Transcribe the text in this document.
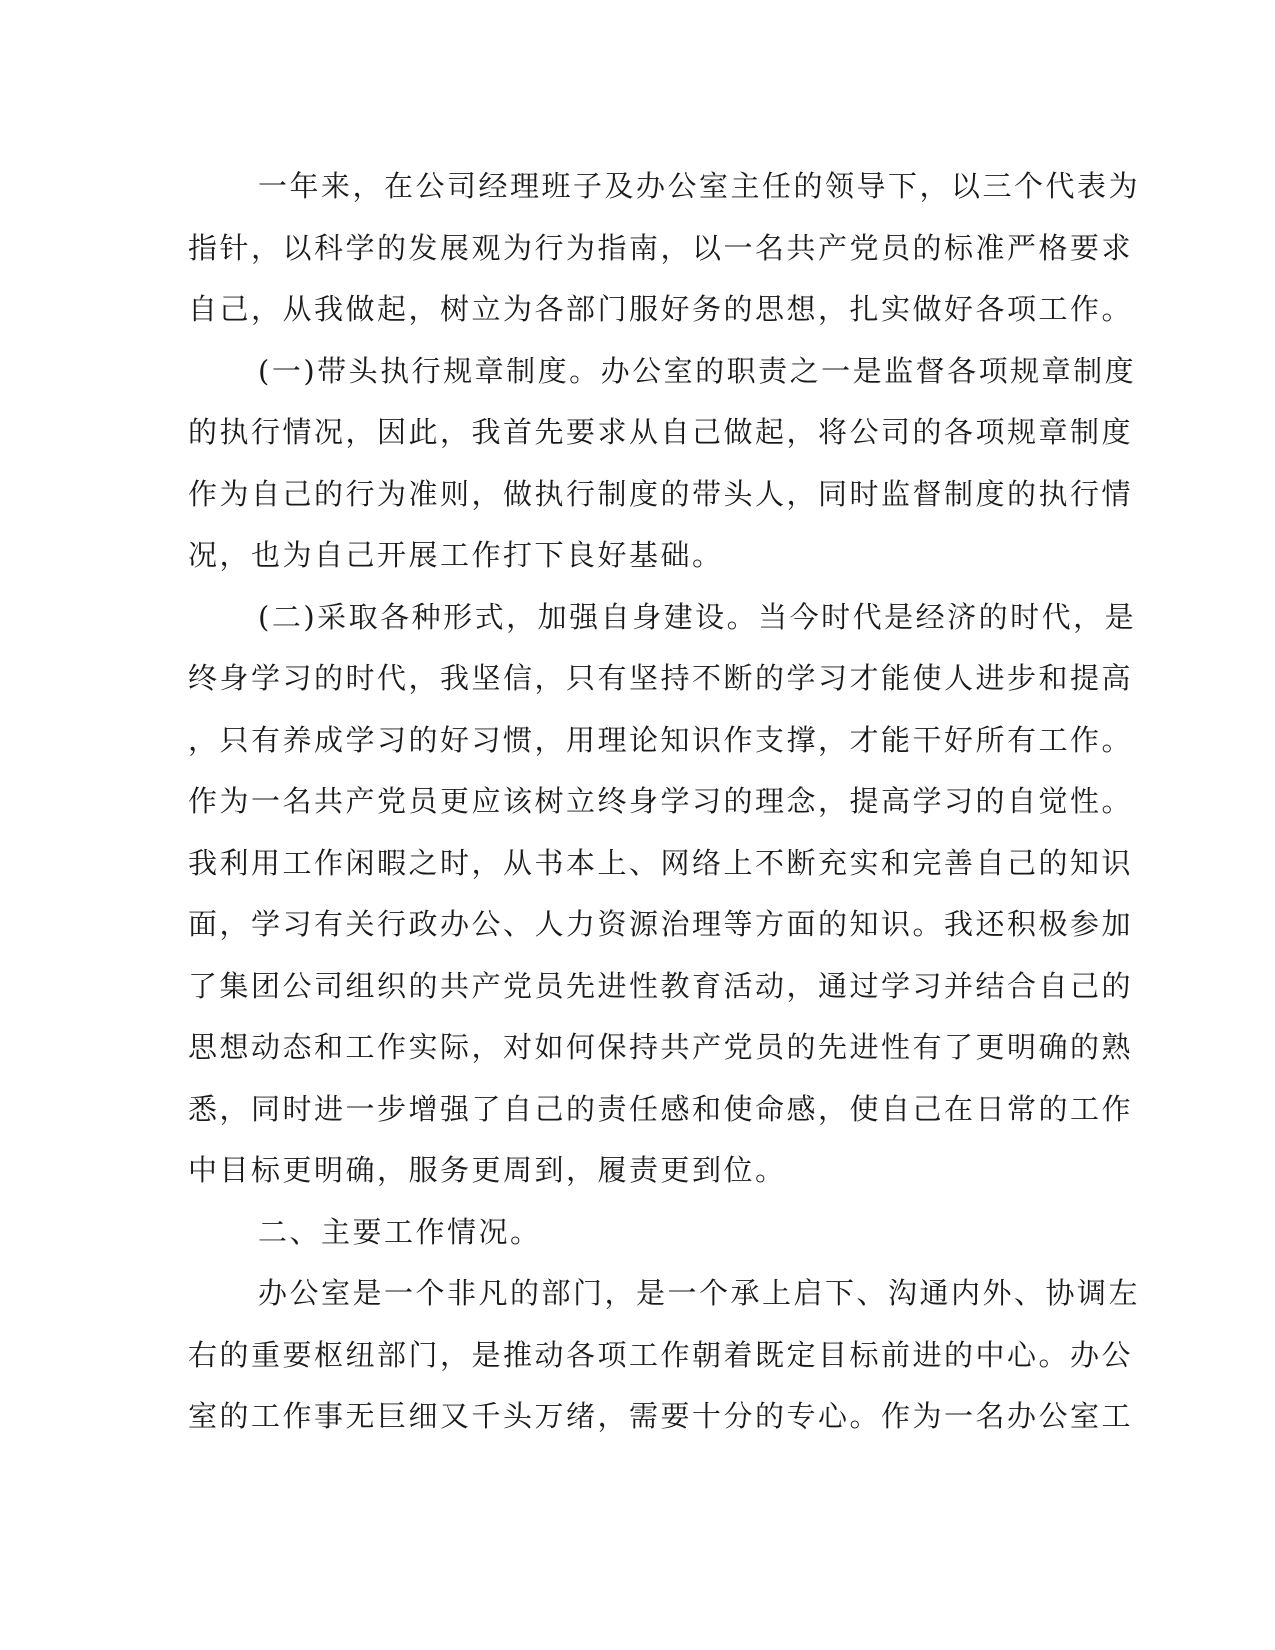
一年来，在公司经理班子及办公室主任的领导下，以三个代表为
指针，以科学的发展观为行为指南，以一名共产党员的标准严格要求
自己，从我做起，树立为各部门服好务的思想，扎实做好各项工作。
(一)带头执行规章制度。办公室的职责之一是监督各项规章制度
的执行情况，因此，我首先要求从自己做起，将公司的各项规章制度
作为自己的行为准则，做执行制度的带头人，同时监督制度的执行情
况，也为自己开展工作打下良好基础。
(二)采取各种形式，加强自身建设。当今时代是经济的时代，是
终身学习的时代，我坚信，只有坚持不断的学习才能使人进步和提高
，只有养成学习的好习惯，用理论知识作支撑，才能干好所有工作。
作为一名共产党员更应该树立终身学习的理念，提高学习的自觉性。
我利用工作闲暇之时，从书本上、网络上不断充实和完善自己的知识
面，学习有关行政办公、人力资源治理等方面的知识。我还积极参加
了集团公司组织的共产党员先进性教育活动，通过学习并结合自己的
思想动态和工作实际，对如何保持共产党员的先进性有了更明确的熟
悉，同时进一步增强了自己的责任感和使命感，使自己在日常的工作
中目标更明确，服务更周到，履责更到位。
二、主要工作情况。
办公室是一个非凡的部门，是一个承上启下、沟通内外、协调左
右的重要枢纽部门，是推动各项工作朝着既定目标前进的中心。办公
室的工作事无巨细又千头万绪，需要十分的专心。作为一名办公室工
